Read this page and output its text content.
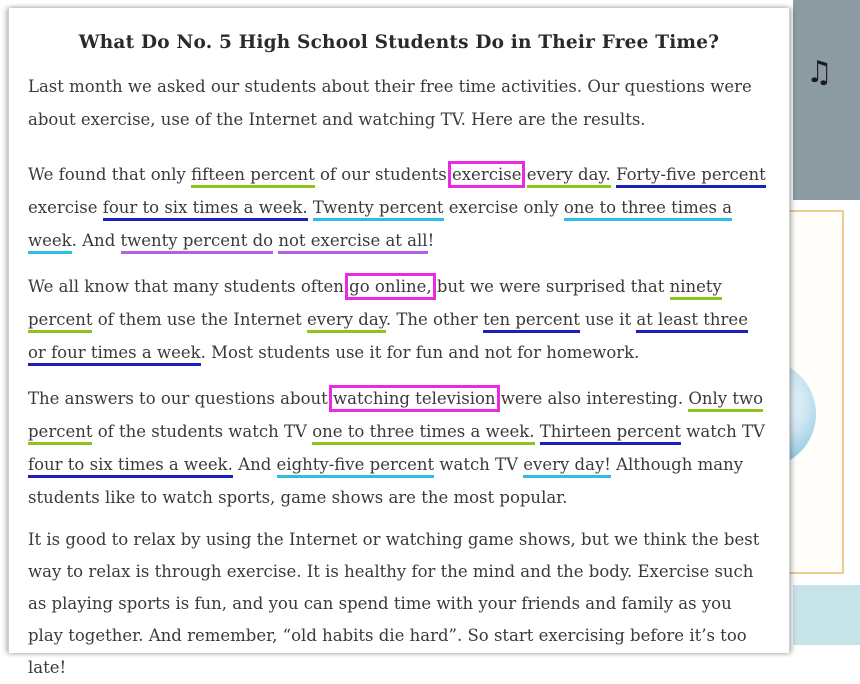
♫
What Do No. 5 High School Students Do in Their Free Time?

Last month we asked our students about their free time activities. Our questions were about exercise, use of the Internet and watching TV. Here are the results.

We found that only fifteen percent of our students exercise every day. Forty-five percent exercise four to six times a week. Twenty percent exercise only one to three times a week. And twenty percent do not exercise at all!

We all know that many students often go online, but we were surprised that ninety percent of them use the Internet every day. The other ten percent use it at least three or four times a week. Most students use it for fun and not for homework.

The answers to our questions about watching television were also interesting. Only two percent of the students watch TV one to three times a week. Thirteen percent watch TV four to six times a week. And eighty-five percent watch TV every day! Although many students like to watch sports, game shows are the most popular.

It is good to relax by using the Internet or watching game shows, but we think the best way to relax is through exercise. It is healthy for the mind and the body. Exercise such as playing sports is fun, and you can spend time with your friends and family as you play together. And remember, “old habits die hard”. So start exercising before it’s too late!
